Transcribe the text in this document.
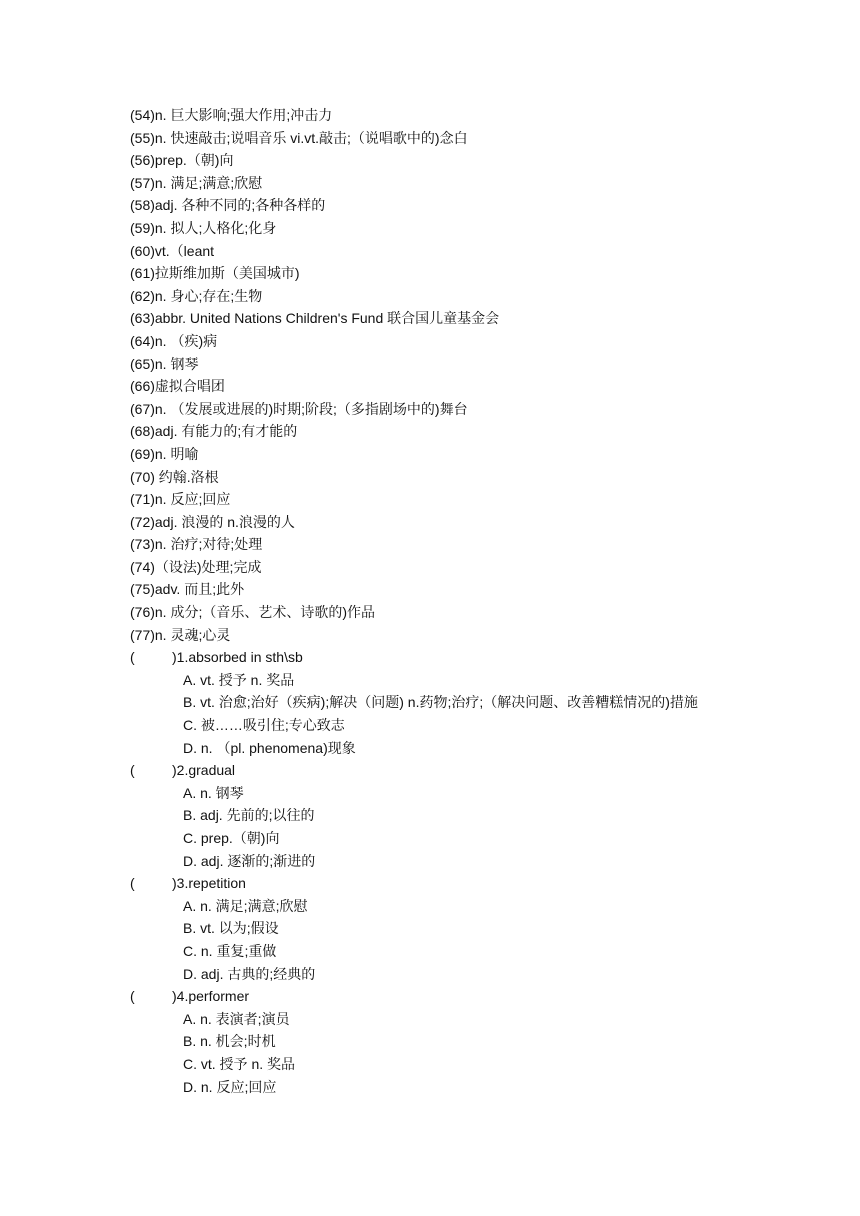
(54)n. 巨大影响;强大作用;冲击力
(55)n. 快速敲击;说唱音乐 vi.vt.敲击;（说唱歌中的)念白
(56)prep.（朝)向
(57)n. 满足;满意;欣慰
(58)adj. 各种不同的;各种各样的
(59)n. 拟人;人格化;化身
(60)vt.（leant
(61)拉斯维加斯（美国城市)
(62)n. 身心;存在;生物
(63)abbr. United Nations Children's Fund 联合国儿童基金会
(64)n. （疾)病
(65)n. 钢琴
(66)虚拟合唱团
(67)n. （发展或进展的)时期;阶段;（多指剧场中的)舞台
(68)adj. 有能力的;有才能的
(69)n. 明喻
(70) 约翰.洛根
(71)n. 反应;回应
(72)adj. 浪漫的 n.浪漫的人
(73)n. 治疗;对待;处理
(74)（设法)处理;完成
(75)adv. 而且;此外
(76)n. 成分;（音乐、艺术、诗歌的)作品
(77)n. 灵魂;心灵
(	)1.absorbed in sth\sb
A. vt. 授予 n. 奖品
B. vt. 治愈;治好（疾病);解决（问题) n.药物;治疗;（解决问题、改善糟糕情况的)措施
C. 被……吸引住;专心致志
D. n. （pl. phenomena)现象
(	)2.gradual
A. n. 钢琴
B. adj. 先前的;以往的
C. prep.（朝)向
D. adj. 逐渐的;渐进的
(	)3.repetition
A. n. 满足;满意;欣慰
B. vt. 以为;假设
C. n. 重复;重做
D. adj. 古典的;经典的
(	)4.performer
A. n. 表演者;演员
B. n. 机会;时机
C. vt. 授予 n. 奖品
D. n. 反应;回应
